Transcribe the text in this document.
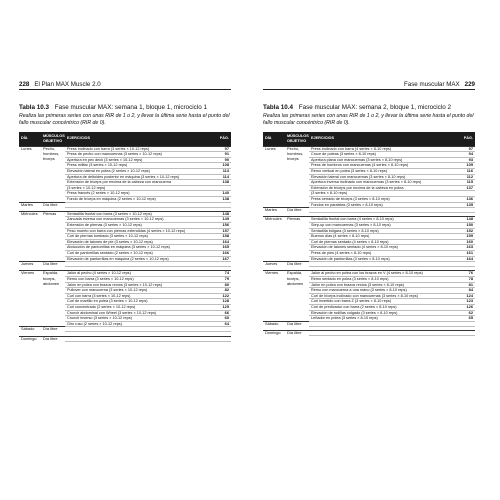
228 El Plan MAX Muscle 2.0
Tabla 10.3 Fase muscular MAX: semana 1, bloque 1, microciclo 1
Realiza las primeras series con unas RIR de 1 o 2, y llevar la última serie hasta el punto del fallo muscular concéntrico (RIR de 0).
DÍA	MÚSCULOS OBJETIVO	EJERCICIOS	PÁG.
Lunes	Pecho,	Press inclinado con barra (3 series × 10-12 reps)	97
	hombros,	Press de pecho con mancuernas (3 series × 10-12 reps)	91
	tríceps	Apertura en pec deck (3 series × 10-12 reps)	90
		Press militar (3 series × 10-12 reps)	108
		Elevación lateral en polea (2 series × 10-12 reps)	113
		Apertura de deltoides posterior en máquina (3 series × 10-12 reps)	114
		Extensión de tríceps por encima de la cabeza con mancuerna	138
		(3 series × 10-12 reps)	
		Press francés (2 series × 10-12 reps)	140
		Fondo de tríceps en máquina (2 series × 10-12 reps)	138
Martes	Día libre		

Miércoles	Piernas	Sentadilla frontal con barra (3 series × 10-12 reps)	148
		Zancada inversa con mancuernas (3 series × 10-12 reps)	149
		Extensión de piernas (3 series × 10-12 reps)	156
		Peso muerto con barra con piernas extendidas (4 series × 10-12 reps)	157
		Curl de piernas tumbado (3 series × 10-12 reps)	158
		Elevación de talones de pie (3 series × 10-12 reps)	164
		Abducción de pantorrillas en máquina (3 series × 10-12 reps)	165
		Curl de pantorrillas sentado (2 series × 10-12 reps)	166
		Elevación de pantorrillas en máquina (2 series × 10-12 reps)	167
Jueves	Día libre		

Viernes	Espalda,	Jalón al pecho (4 series × 10-12 reps)	74
	bíceps,	Remo con barra (3 series × 10-12 reps)	79
	abdomen	Jalón en polea con brazos rectos (3 series × 10-12 reps)	80
		Pullover con mancuerna (3 series × 10-12 reps)	82
		Curl con barra (3 series × 10-12 reps)	122
		Curl de martillo en polea (3 series × 10-12 reps)	128
		Curl concentrado (2 series × 10-12 reps)	125
		Crunch abdominal con Wheel (3 series × 10-12 reps)	66
		Crunch inverso (3 series × 10-12 reps)	60
		Giro ruso (2 series × 10-12 reps)	64
Sábado	Día libre		

Domingo	Día libre		

Fase muscular MAX 229
Tabla 10.4 Fase muscular MAX: semana 2, bloque 1, microciclo 2
Realiza las primeras series con unas RIR de 1 o 2, y llevar la última serie hasta el punto del fallo muscular concéntrico (RIR de 0).
DÍA	MÚSCULOS OBJETIVO	EJERCICIOS	PÁG.
Lunes	Pecho,	Press inclinado con barra (4 series × 8-10 reps)	97
	hombros,	Cruce de poleas (3 series × 8-10 reps)	94
	tríceps	Apertura plana con mancuernas (3 series × 8-10 reps)	93
		Press de hombros con mancuernas (4 series × 8-10 reps)	109
		Remo vertical en polea (3 series × 8-10 reps)	116
		Elevación lateral con mancuernas (3 series × 8-10 reps)	112
		Apertura inversa inclinado con mancuernas (3 series × 8-10 reps)	115
		Extensión de tríceps por encima de la cabeza en polea	137
		(3 series × 8-10 reps)	
		Press cerrado de tríceps (3 series × 8-10 reps)	136
		Fondos en paralelas (3 series × 8-10 reps)	135
Martes	Día libre		

Miércoles	Piernas	Sentadilla frontal con barra (4 series × 8-10 reps)	148
		Step-up con mancuernas (3 series × 8-10 reps)	150
		Sentadilla búlgara (3 series × 8-10 reps)	152
		Buenos días (4 series × 8-10 reps)	159
		Curl de piernas sentado (4 series × 8-10 reps)	160
		Elevación de talones sentado (4 series × 8-10 reps)	163
		Press de pies (4 series × 8-10 reps)	161
		Elevación de pantorrillas (3 series × 8-10 reps)	164
Jueves	Día libre		

Viernes	Espalda,	Jalón al pecho en polea con los brazos en V (4 series × 8-10 reps)	76
	bíceps,	Remo sentado en polea (3 series × 8-10 reps)	78
	abdomen	Jalón en polea con brazos rectos (3 series × 8-10 reps)	81
		Remo con mancuerna a una mano (3 series × 8-10 reps)	84
		Curl de bíceps inclinado con mancuernas (3 series × 8-10 reps)	124
		Curl invertido con barra Z (3 series × 8-10 reps)	123
		Curl de predicador con barra (2 series × 8-10 reps)	126
		Elevación de rodillas colgado (3 series × 8-10 reps)	62
		Leñador en polea (3 series × 8-10 reps)	65
Sábado	Día libre		

Domingo	Día libre		
